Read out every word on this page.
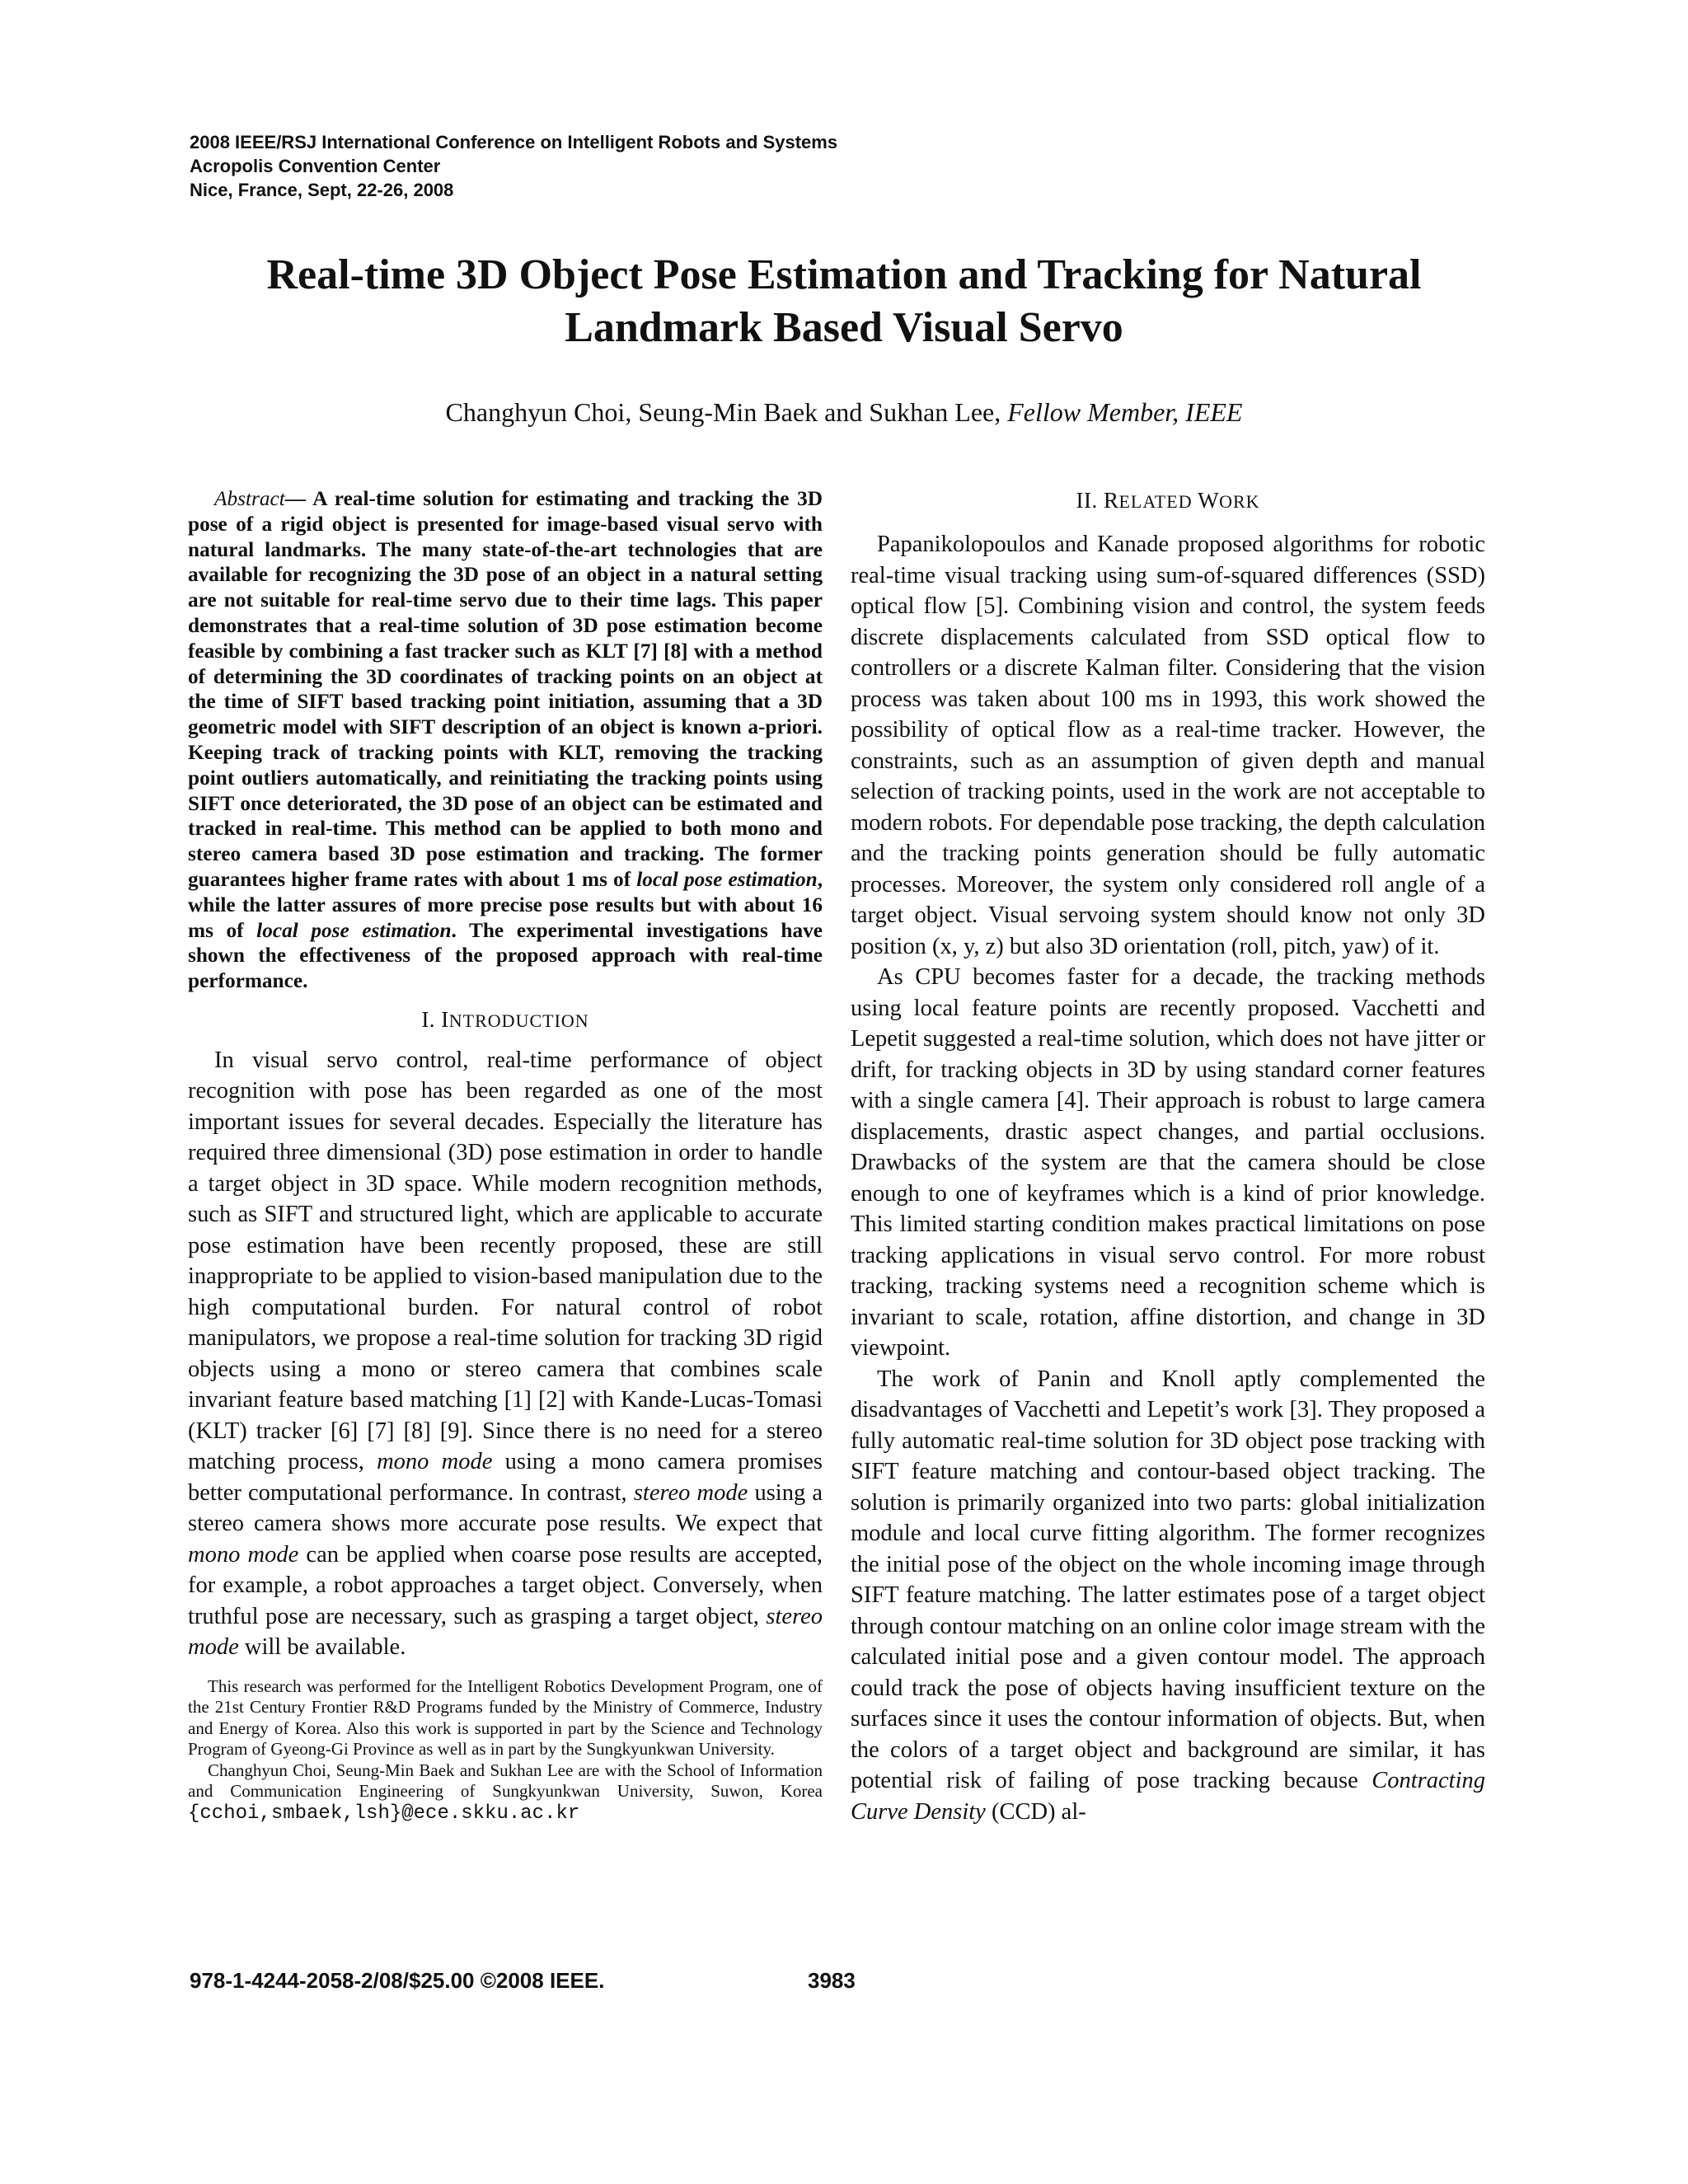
2008 IEEE/RSJ International Conference on Intelligent Robots and Systems
Acropolis Convention Center
Nice, France, Sept, 22-26, 2008
Real-time 3D Object Pose Estimation and Tracking for Natural
Landmark Based Visual Servo
Changhyun Choi, Seung-Min Baek and Sukhan Lee, Fellow Member, IEEE

Abstract— A real-time solution for estimating and tracking the 3D pose of a rigid object is presented for image-based visual servo with natural landmarks. The many state-of-the-art technologies that are available for recognizing the 3D pose of an object in a natural setting are not suitable for real-time servo due to their time lags. This paper demonstrates that a real-time solution of 3D pose estimation become feasible by combining a fast tracker such as KLT [7] [8] with a method of determining the 3D coordinates of tracking points on an object at the time of SIFT based tracking point initiation, assuming that a 3D geometric model with SIFT description of an object is known a-priori. Keeping track of tracking points with KLT, removing the tracking point outliers automatically, and reinitiating the tracking points using SIFT once deteriorated, the 3D pose of an object can be estimated and tracked in real-time. This method can be applied to both mono and stereo camera based 3D pose estimation and tracking. The former guarantees higher frame rates with about 1 ms of local pose estimation, while the latter assures of more precise pose results but with about 16 ms of local pose estimation. The experimental investigations have shown the effectiveness of the proposed approach with real-time performance.

I. INTRODUCTION

In visual servo control, real-time performance of object recognition with pose has been regarded as one of the most important issues for several decades. Especially the literature has required three dimensional (3D) pose estimation in order to handle a target object in 3D space. While modern recognition methods, such as SIFT and structured light, which are applicable to accurate pose estimation have been recently proposed, these are still inappropriate to be applied to vision-based manipulation due to the high computational burden. For natural control of robot manipulators, we propose a real-time solution for tracking 3D rigid objects using a mono or stereo camera that combines scale invariant feature based matching [1] [2] with Kande-Lucas-Tomasi (KLT) tracker [6] [7] [8] [9]. Since there is no need for a stereo matching process, mono mode using a mono camera promises better computational performance. In contrast, stereo mode using a stereo camera shows more accurate pose results. We expect that mono mode can be applied when coarse pose results are accepted, for example, a robot approaches a target object. Conversely, when truthful pose are necessary, such as grasping a target object, stereo mode will be available.

This research was performed for the Intelligent Robotics Development Program, one of the 21st Century Frontier R&D Programs funded by the Ministry of Commerce, Industry and Energy of Korea. Also this work is supported in part by the Science and Technology Program of Gyeong-Gi Province as well as in part by the Sungkyunkwan University.

Changhyun Choi, Seung-Min Baek and Sukhan Lee are with the School of Information and Communication Engineering of Sungkyunkwan University, Suwon, Korea {cchoi,smbaek,lsh}@ece.skku.ac.kr

II. RELATED WORK

Papanikolopoulos and Kanade proposed algorithms for robotic real-time visual tracking using sum-of-squared differences (SSD) optical flow [5]. Combining vision and control, the system feeds discrete displacements calculated from SSD optical flow to controllers or a discrete Kalman filter. Considering that the vision process was taken about 100 ms in 1993, this work showed the possibility of optical flow as a real-time tracker. However, the constraints, such as an assumption of given depth and manual selection of tracking points, used in the work are not acceptable to modern robots. For dependable pose tracking, the depth calculation and the tracking points generation should be fully automatic processes. Moreover, the system only considered roll angle of a target object. Visual servoing system should know not only 3D position (x, y, z) but also 3D orientation (roll, pitch, yaw) of it.

As CPU becomes faster for a decade, the tracking methods using local feature points are recently proposed. Vacchetti and Lepetit suggested a real-time solution, which does not have jitter or drift, for tracking objects in 3D by using standard corner features with a single camera [4]. Their approach is robust to large camera displacements, drastic aspect changes, and partial occlusions. Drawbacks of the system are that the camera should be close enough to one of keyframes which is a kind of prior knowledge. This limited starting condition makes practical limitations on pose tracking applications in visual servo control. For more robust tracking, tracking systems need a recognition scheme which is invariant to scale, rotation, affine distortion, and change in 3D viewpoint.

The work of Panin and Knoll aptly complemented the disadvantages of Vacchetti and Lepetit’s work [3]. They proposed a fully automatic real-time solution for 3D object pose tracking with SIFT feature matching and contour-based object tracking. The solution is primarily organized into two parts: global initialization module and local curve fitting algorithm. The former recognizes the initial pose of the object on the whole incoming image through SIFT feature matching. The latter estimates pose of a target object through contour matching on an online color image stream with the calculated initial pose and a given contour model. The approach could track the pose of objects having insufficient texture on the surfaces since it uses the contour information of objects. But, when the colors of a target object and background are similar, it has potential risk of failing of pose tracking because Contracting Curve Density (CCD) al-

978-1-4244-2058-2/08/$25.00 ©2008 IEEE.	3983
